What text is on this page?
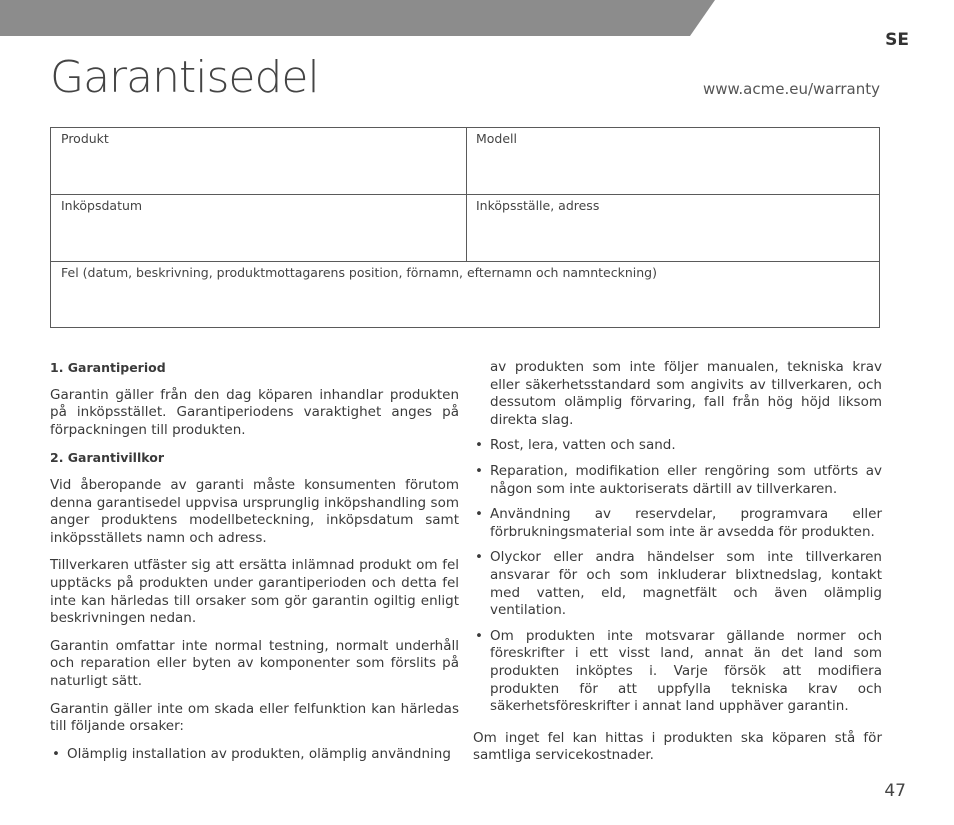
SE
Garantisedel	www.acme.eu/warranty
Produkt	Modell
Inköpsdatum	Inköpsställe, adress
Fel (datum, beskrivning, produktmottagarens position, förnamn, efternamn och namnteckning)
1. Garantiperiod
Garantin gäller från den dag köparen inhandlar produkten på inköpsstället. Garantiperiodens varaktighet anges på förpackningen till produkten.
2. Garantivillkor
Vid åberopande av garanti måste konsumenten förutom denna garantisedel uppvisa ursprunglig inköpshandling som anger produktens modellbeteckning, inköpsdatum samt inköpsställets namn och adress.
Tillverkaren utfäster sig att ersätta inlämnad produkt om fel upptäcks på produkten under garantiperioden och detta fel inte kan härledas till orsaker som gör garantin ogiltig enligt beskrivningen nedan.
Garantin omfattar inte normal testning, normalt underhåll och reparation eller byten av komponenter som förslits på naturligt sätt.
Garantin gäller inte om skada eller felfunktion kan härledas till följande orsaker:
• Olämplig installation av produkten, olämplig användning
av produkten som inte följer manualen, tekniska krav eller säkerhetsstandard som angivits av tillverkaren, och dessutom olämplig förvaring, fall från hög höjd liksom direkta slag.
• Rost, lera, vatten och sand.
• Reparation, modifikation eller rengöring som utförts av någon som inte auktoriserats därtill av tillverkaren.
• Användning av reservdelar, programvara eller förbrukningsmaterial som inte är avsedda för produkten.
• Olyckor eller andra händelser som inte tillverkaren ansvarar för och som inkluderar blixtnedslag, kontakt med vatten, eld, magnetfält och även olämplig ventilation.
• Om produkten inte motsvarar gällande normer och föreskrifter i ett visst land, annat än det land som produkten inköptes i. Varje försök att modifiera produkten för att uppfylla tekniska krav och säkerhetsföreskrifter i annat land upphäver garantin.
Om inget fel kan hittas i produkten ska köparen stå för samtliga servicekostnader.
47
